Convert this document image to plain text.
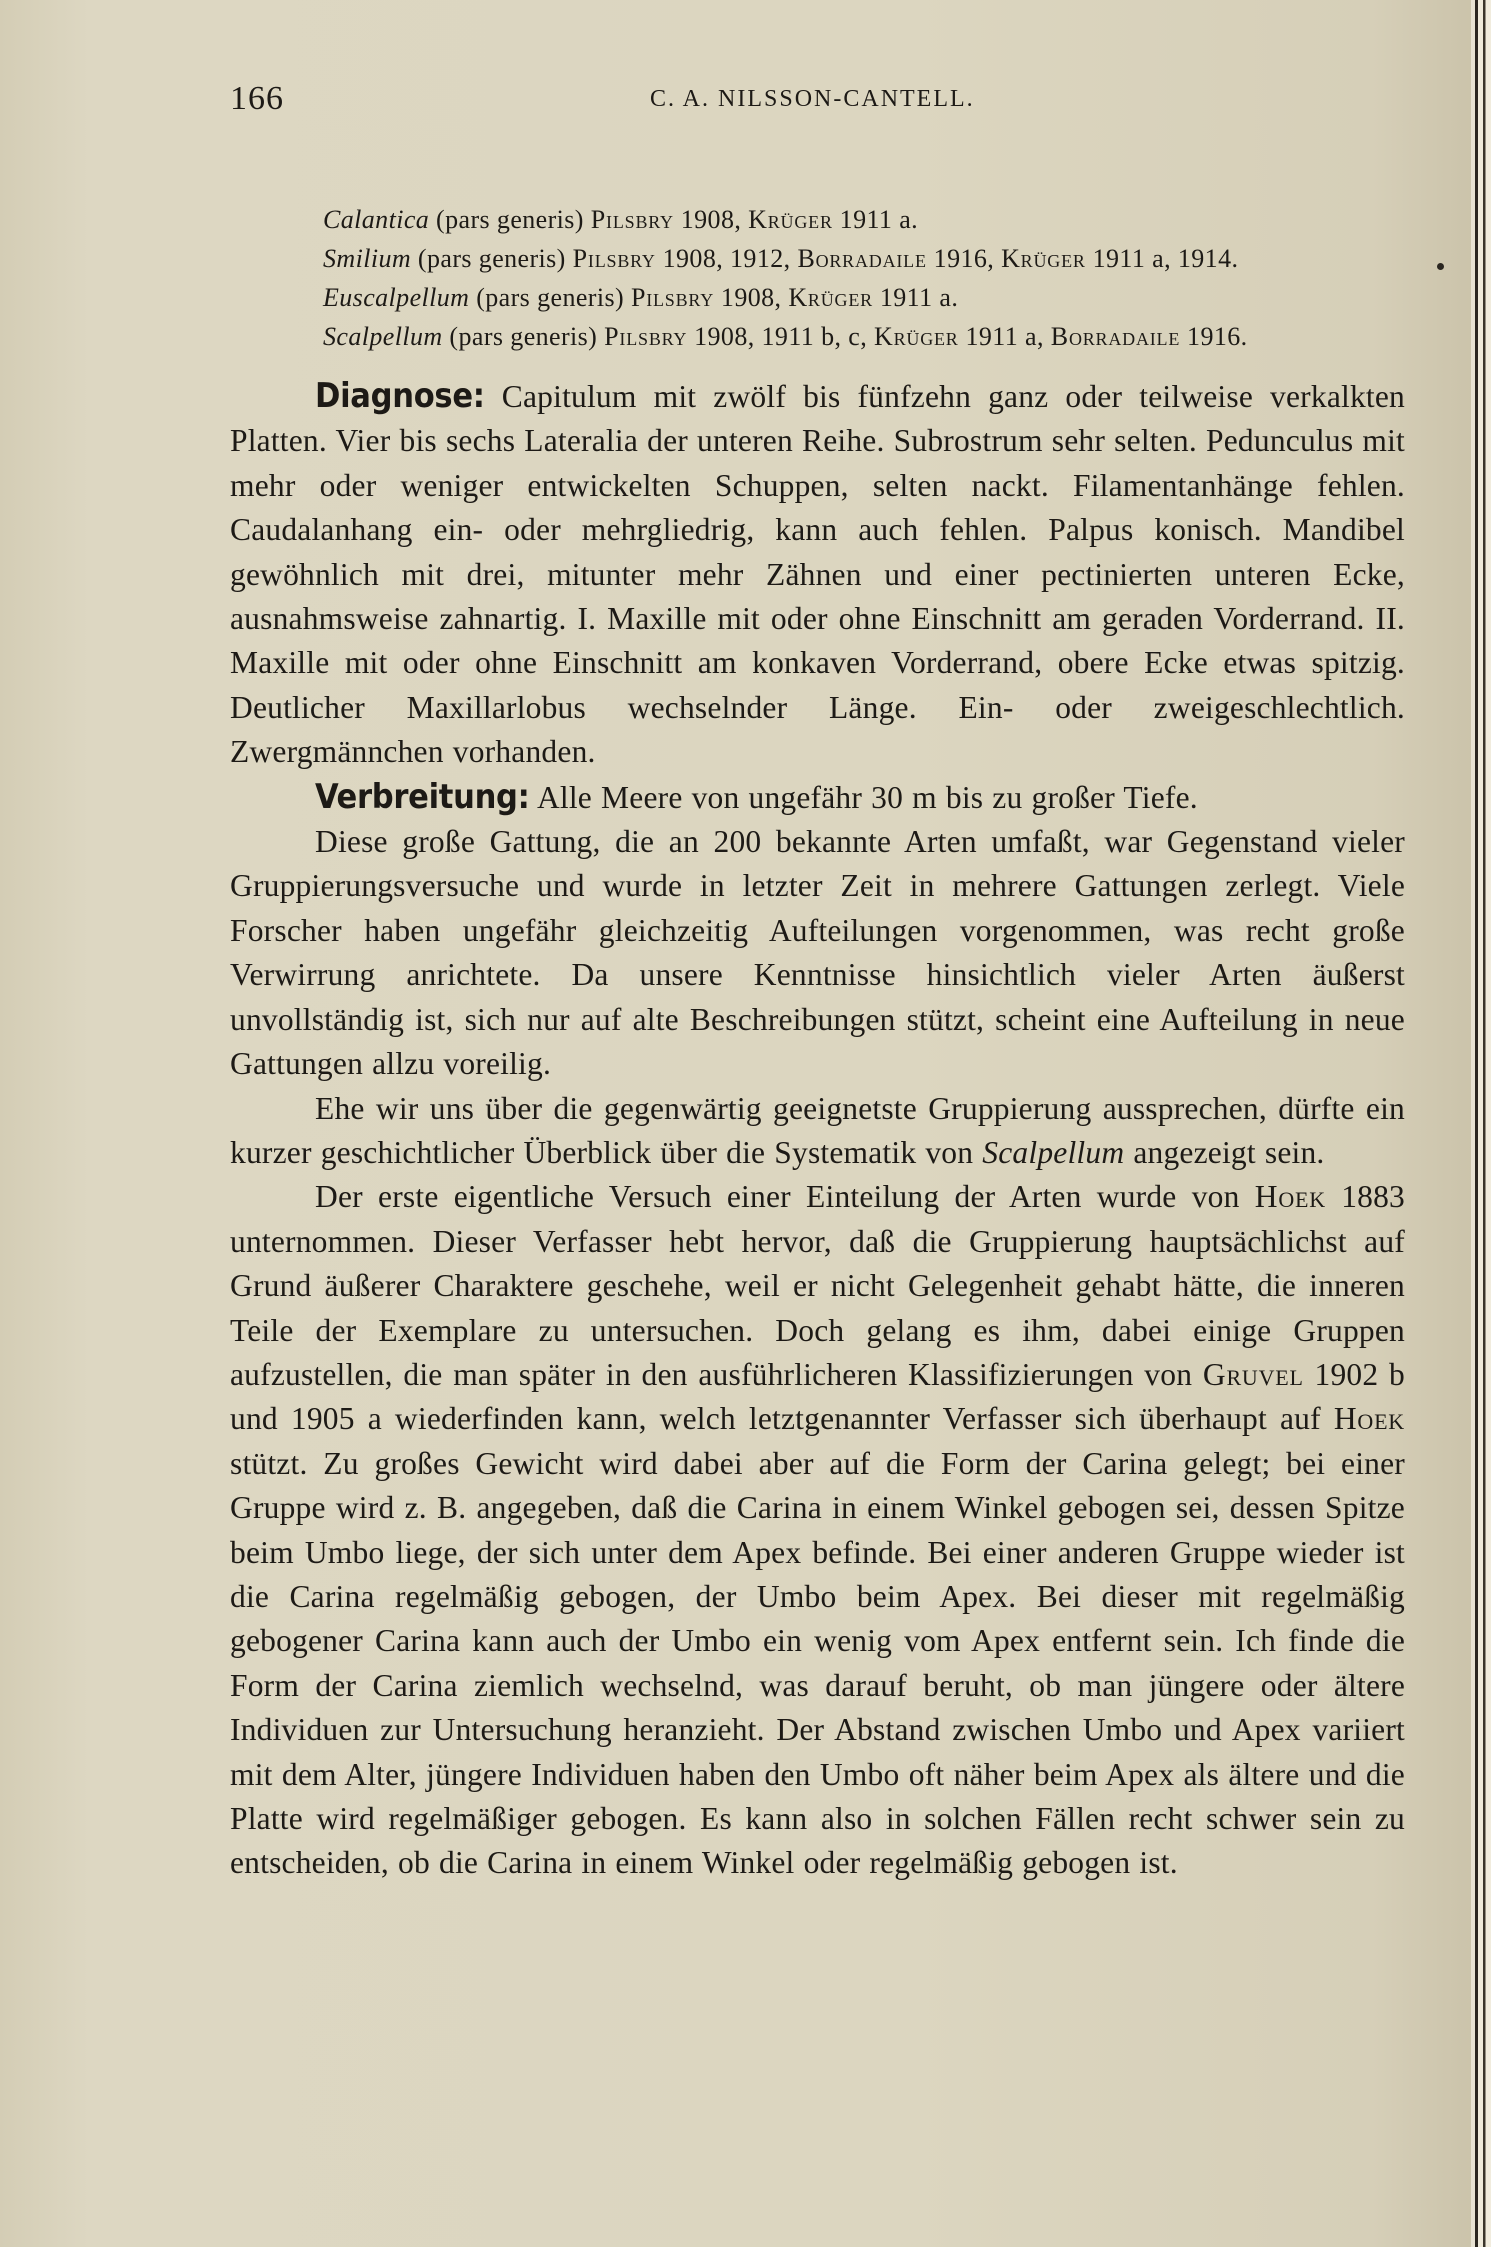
166	C. A. NILSSON-CANTELL.
Calantica (pars generis) Pilsbry 1908, Krüger 1911 a.
Smilium (pars generis) Pilsbry 1908, 1912, Borradaile 1916, Krüger 1911 a, 1914.
Euscalpellum (pars generis) Pilsbry 1908, Krüger 1911 a.
Scalpellum (pars generis) Pilsbry 1908, 1911 b, c, Krüger 1911 a, Borradaile 1916.

Diagnose: Capitulum mit zwölf bis fünfzehn ganz oder teilweise verkalkten Platten. Vier bis sechs Lateralia der unteren Reihe. Subrostrum sehr selten. Pedunculus mit mehr oder weniger entwickelten Schuppen, selten nackt. Filamentanhänge fehlen. Caudalanhang ein- oder mehrgliedrig, kann auch fehlen. Palpus konisch. Mandibel gewöhnlich mit drei, mitunter mehr Zähnen und einer pectinierten unteren Ecke, ausnahmsweise zahnartig. I. Maxille mit oder ohne Einschnitt am geraden Vorderrand. II. Maxille mit oder ohne Einschnitt am konkaven Vorderrand, obere Ecke etwas spitzig. Deutlicher Maxillarlobus wechselnder Länge. Ein- oder zweigeschlechtlich. Zwergmännchen vorhanden.

Verbreitung: Alle Meere von ungefähr 30 m bis zu großer Tiefe.

Diese große Gattung, die an 200 bekannte Arten umfaßt, war Gegenstand vieler Gruppierungsversuche und wurde in letzter Zeit in mehrere Gattungen zerlegt. Viele Forscher haben ungefähr gleichzeitig Aufteilungen vorgenommen, was recht große Verwirrung anrichtete. Da unsere Kenntnisse hinsichtlich vieler Arten äußerst unvollständig ist, sich nur auf alte Beschreibungen stützt, scheint eine Aufteilung in neue Gattungen allzu voreilig.

Ehe wir uns über die gegenwärtig geeignetste Gruppierung aussprechen, dürfte ein kurzer geschichtlicher Überblick über die Systematik von Scalpellum angezeigt sein.

Der erste eigentliche Versuch einer Einteilung der Arten wurde von Hoek 1883 unternommen. Dieser Verfasser hebt hervor, daß die Gruppierung hauptsächlichst auf Grund äußerer Charaktere geschehe, weil er nicht Gelegenheit gehabt hätte, die inneren Teile der Exemplare zu untersuchen. Doch gelang es ihm, dabei einige Gruppen aufzustellen, die man später in den ausführlicheren Klassifizierungen von Gruvel 1902 b und 1905 a wiederfinden kann, welch letztgenannter Verfasser sich überhaupt auf Hoek stützt. Zu großes Gewicht wird dabei aber auf die Form der Carina gelegt; bei einer Gruppe wird z. B. angegeben, daß die Carina in einem Winkel gebogen sei, dessen Spitze beim Umbo liege, der sich unter dem Apex befinde. Bei einer anderen Gruppe wieder ist die Carina regelmäßig gebogen, der Umbo beim Apex. Bei dieser mit regelmäßig gebogener Carina kann auch der Umbo ein wenig vom Apex entfernt sein. Ich finde die Form der Carina ziemlich wechselnd, was darauf beruht, ob man jüngere oder ältere Individuen zur Untersuchung heranzieht. Der Abstand zwischen Umbo und Apex variiert mit dem Alter, jüngere Individuen haben den Umbo oft näher beim Apex als ältere und die Platte wird regelmäßiger gebogen. Es kann also in solchen Fällen recht schwer sein zu entscheiden, ob die Carina in einem Winkel oder regelmäßig gebogen ist.
